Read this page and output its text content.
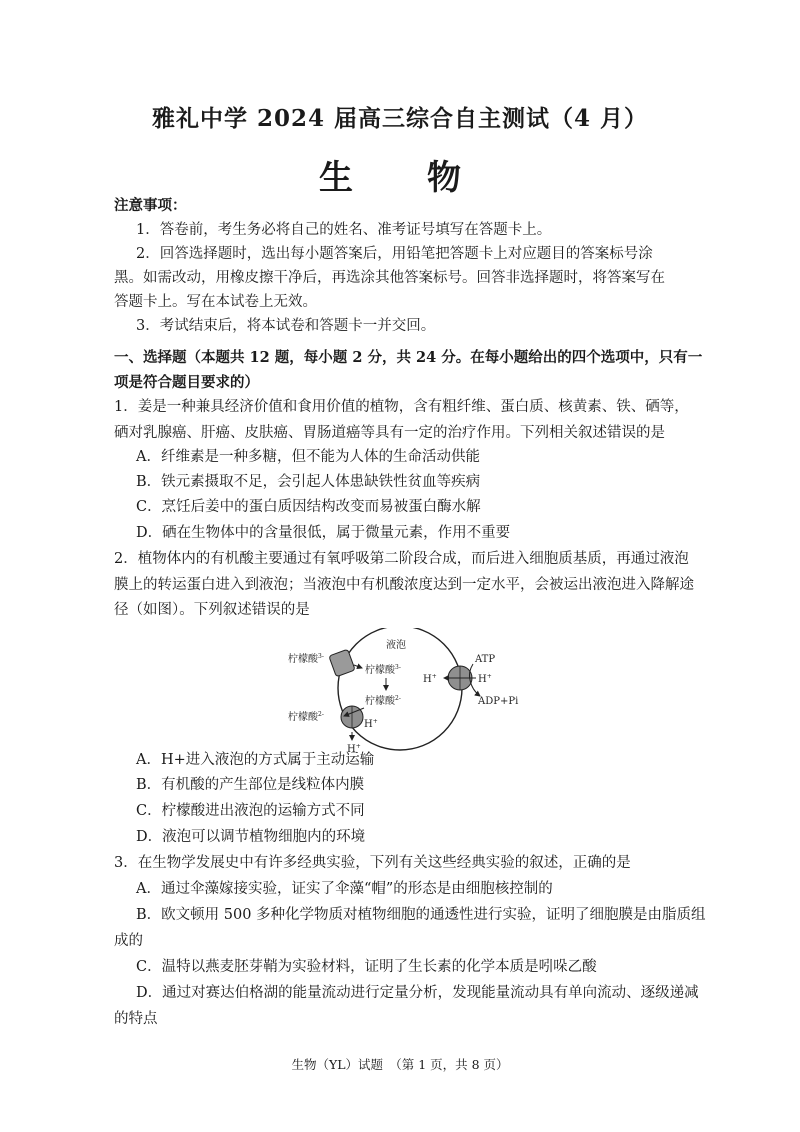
雅礼中学 2024 届高三综合自主测试（4 月）
生　物
注意事项：
1．答卷前，考生务必将自己的姓名、准考证号填写在答题卡上。
2．回答选择题时，选出每小题答案后，用铅笔把答题卡上对应题目的答案标号涂
黑。如需改动，用橡皮擦干净后，再选涂其他答案标号。回答非选择题时，将答案写在
答题卡上。写在本试卷上无效。
3．考试结束后，将本试卷和答题卡一并交回。
一、选择题（本题共 12 题，每小题 2 分，共 24 分。在每小题给出的四个选项中，只有一
项是符合题目要求的）
1．姜是一种兼具经济价值和食用价值的植物，含有粗纤维、蛋白质、核黄素、铁、硒等，
硒对乳腺癌、肝癌、皮肤癌、胃肠道癌等具有一定的治疗作用。下列相关叙述错误的是
A．纤维素是一种多糖，但不能为人体的生命活动供能
B．铁元素摄取不足，会引起人体患缺铁性贫血等疾病
C．烹饪后姜中的蛋白质因结构改变而易被蛋白酶水解
D．硒在生物体中的含量很低，属于微量元素，作用不重要
2．植物体内的有机酸主要通过有氧呼吸第二阶段合成，而后进入细胞质基质，再通过液泡
膜上的转运蛋白进入到液泡；当液泡中有机酸浓度达到一定水平，会被运出液泡进入降解途
径（如图）。下列叙述错误的是
液泡
柠檬酸$^{3-}$
柠檬酸$^{3-}$
柠檬酸$^{2-}$
柠檬酸$^{2-}$
H+
H+
H+	H+
ATP
ADP+Pi
A．H+进入液泡的方式属于主动运输
B．有机酸的产生部位是线粒体内膜
C．柠檬酸进出液泡的运输方式不同
D．液泡可以调节植物细胞内的环境
3．在生物学发展史中有许多经典实验，下列有关这些经典实验的叙述，正确的是
A．通过伞藻嫁接实验，证实了伞藻“帽”的形态是由细胞核控制的
B．欧文顿用 500 多种化学物质对植物细胞的通透性进行实验，证明了细胞膜是由脂质组
成的
C．温特以燕麦胚芽鞘为实验材料，证明了生长素的化学本质是吲哚乙酸
D．通过对赛达伯格湖的能量流动进行定量分析，发现能量流动具有单向流动、逐级递减
的特点
生物（YL）试题　（第 1 页，共 8 页）
